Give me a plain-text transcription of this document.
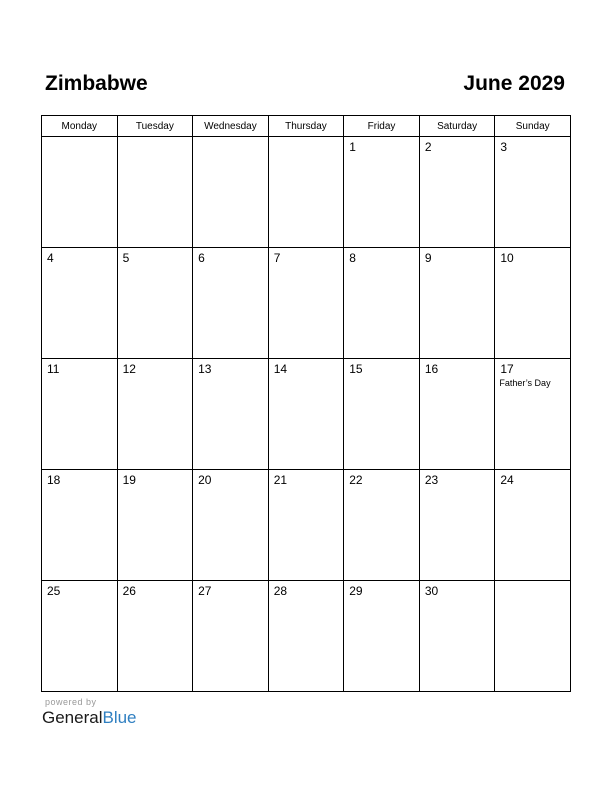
Zimbabwe	June 2029
Monday	Tuesday	Wednesday	Thursday	Friday	Saturday	Sunday

				1	2	3

4	5	6	7	8	9	10

11	12	13	14	15	16	17
Father’s Day

18	19	20	21	22	23	24

25	26	27	28	29	30	

powered by
GeneralBlue
